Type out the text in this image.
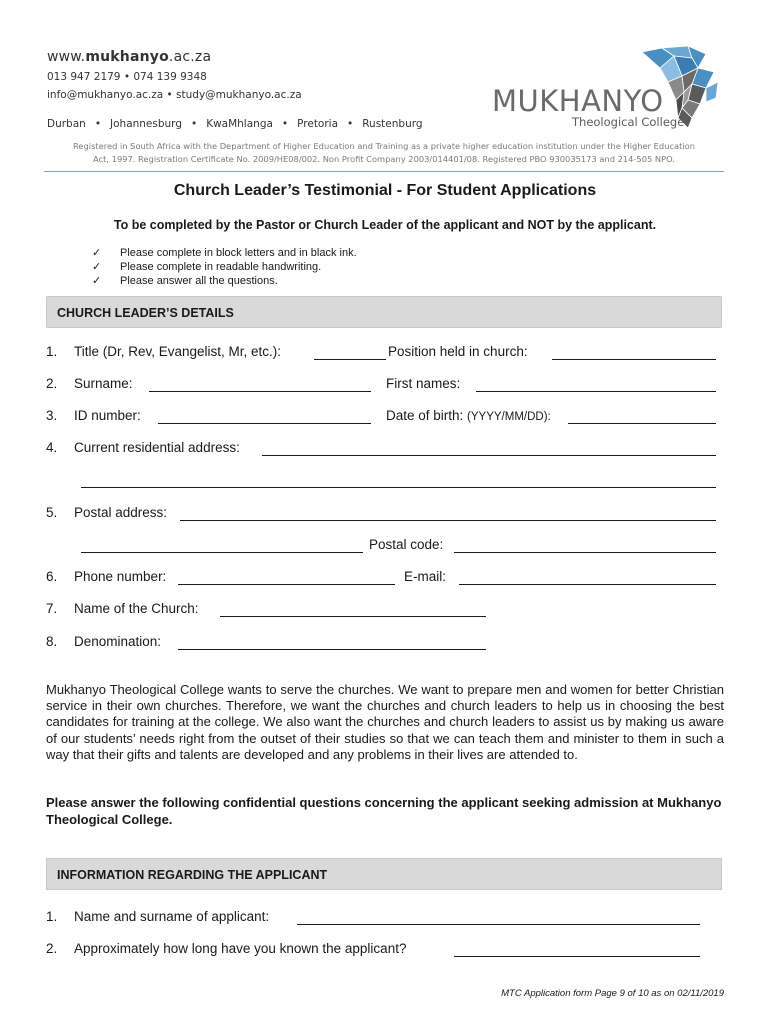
www.mukhanyo.ac.za
013 947 2179 • 074 139 9348
info@mukhanyo.ac.za • study@mukhanyo.ac.za
Durban • Johannesburg • KwaMhlanga • Pretoria • Rustenburg
MUKHANYO
Theological College
Registered in South Africa with the Department of Higher Education and Training as a private higher education institution under the Higher Education
Act, 1997. Registration Certificate No. 2009/HE08/002. Non Profit Company 2003/014401/08. Registered PBO 930035173 and 214-505 NPO.
Church Leader’s Testimonial - For Student Applications
To be completed by the Pastor or Church Leader of the applicant and NOT by the applicant.
✓	Please complete in block letters and in black ink.
✓	Please complete in readable handwriting.
✓	Please answer all the questions.
CHURCH LEADER’S DETAILS
1. Title (Dr, Rev, Evangelist, Mr, etc.):	Position held in church:
2. Surname:	First names:
3. ID number:	Date of birth: (YYYY/MM/DD):
4. Current residential address:
5. Postal address:
Postal code:
6. Phone number:	E-mail:
7. Name of the Church:
8. Denomination:
Mukhanyo Theological College wants to serve the churches. We want to prepare men and women for better Christian service in their own churches. Therefore, we want the churches and church leaders to help us in choosing the best candidates for training at the college. We also want the churches and church leaders to assist us by making us aware of our students’ needs right from the outset of their studies so that we can teach them and minister to them in such a way that their gifts and talents are developed and any problems in their lives are attended to.
Please answer the following confidential questions concerning the applicant seeking admission at Mukhanyo Theological College.
INFORMATION REGARDING THE APPLICANT
1. Name and surname of applicant:
2. Approximately how long have you known the applicant?
MTC Application form Page 9 of 10 as on 02/11/2019
